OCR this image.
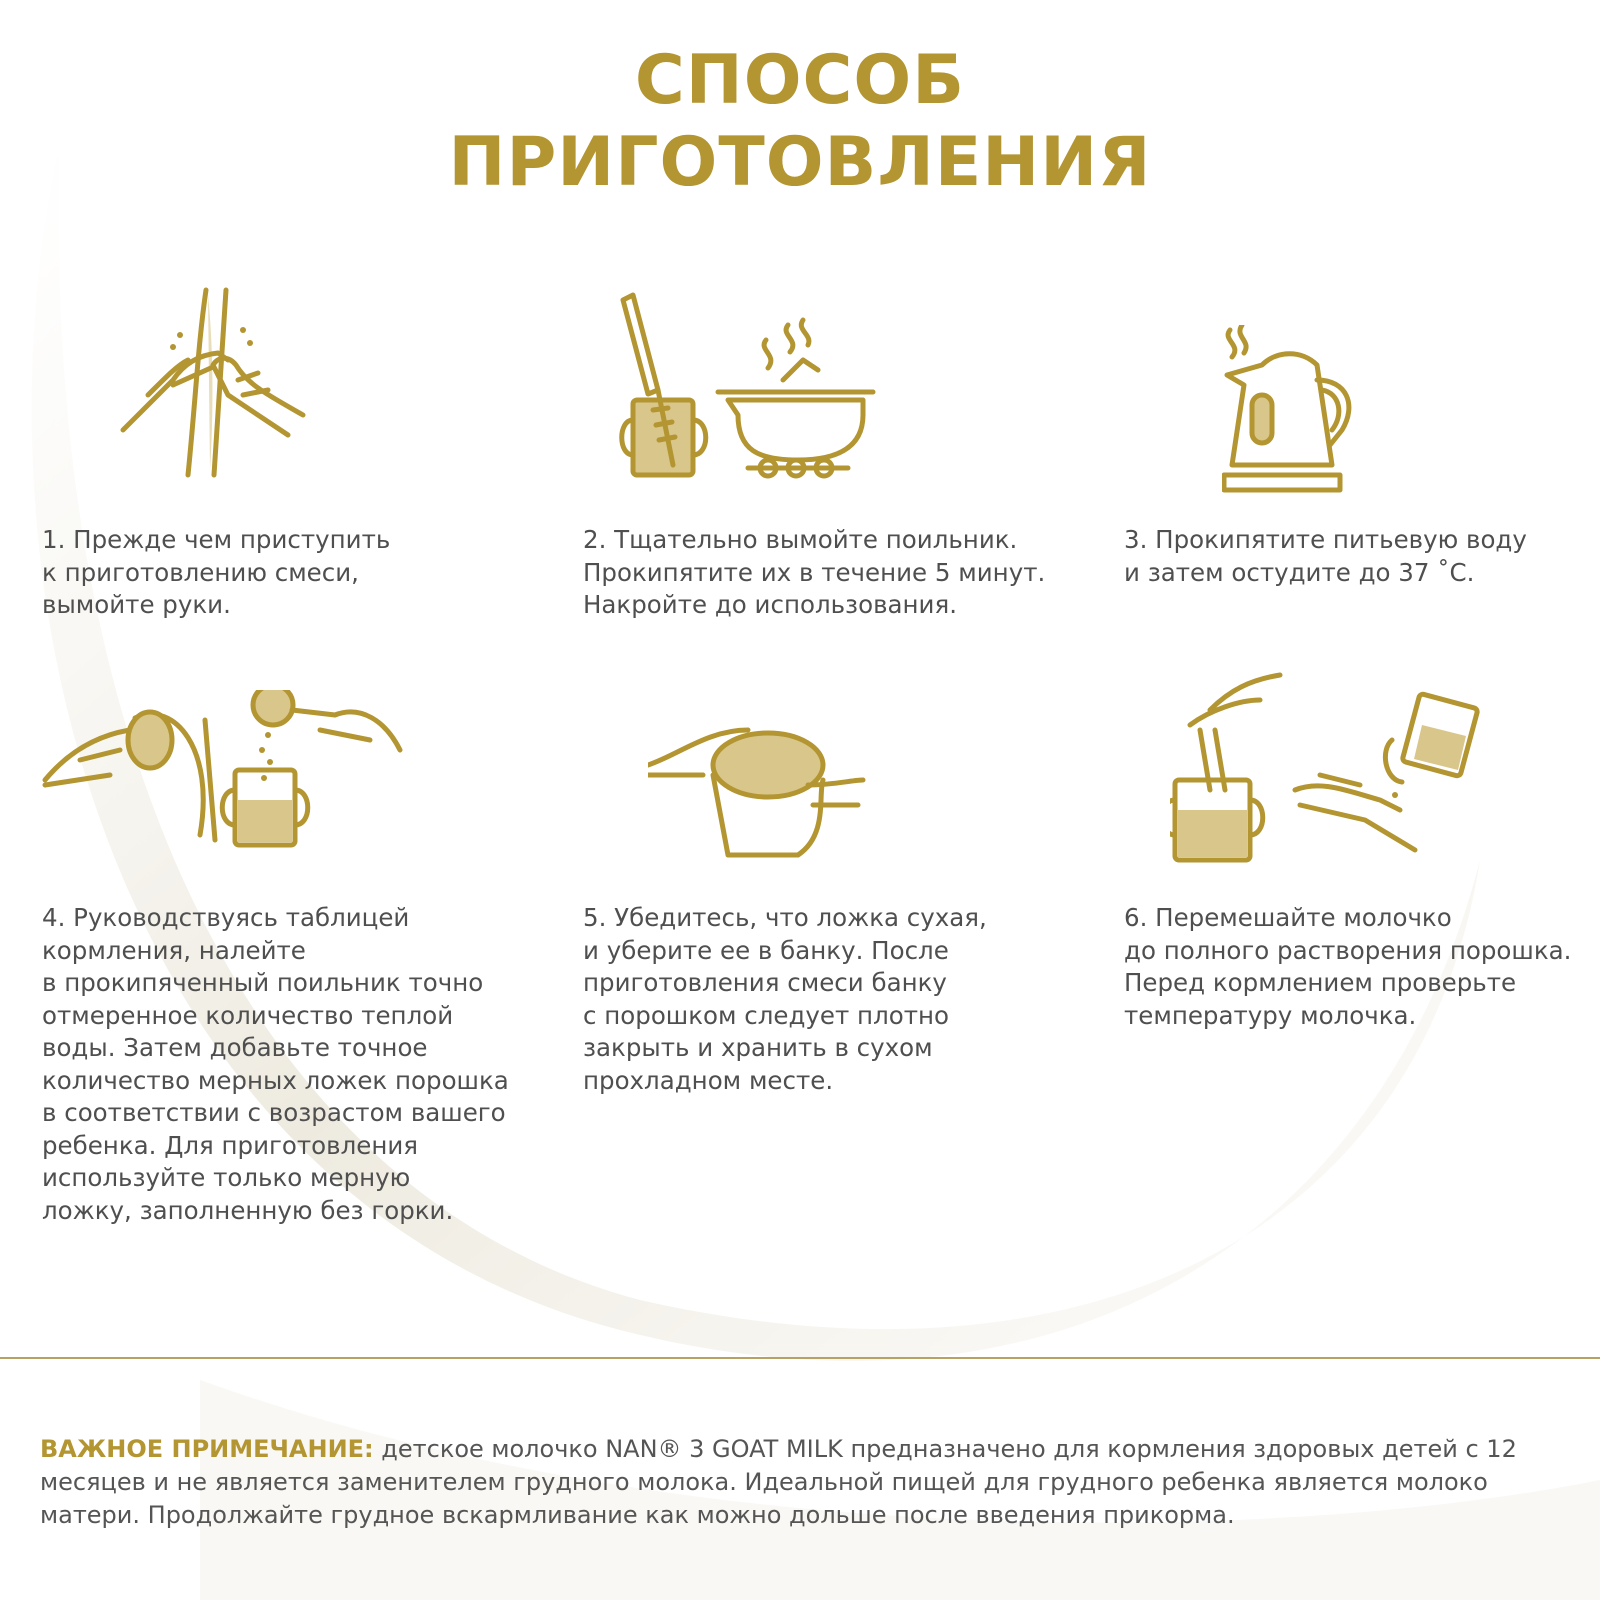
СПОСОБ
ПРИГОТОВЛЕНИЯ

1. Прежде чем приступить
к приготовлению смеси,
вымойте руки.

2. Тщательно вымойте поильник.
Прокипятите их в течение 5 минут.
Накройте до использования.

3. Прокипятите питьевую воду
и затем остудите до 37 ˚С.

4. Руководствуясь таблицей
кормления, налейте
в прокипяченный поильник точно
отмеренное количество теплой
воды. Затем добавьте точное
количество мерных ложек порошка
в соответствии с возрастом вашего
ребенка. Для приготовления
используйте только мерную
ложку, заполненную без горки.

5. Убедитесь, что ложка сухая,
и уберите ее в банку. После
приготовления смеси банку
с порошком следует плотно
закрыть и хранить в сухом
прохладном месте.

6. Перемешайте молочко
до полного растворения порошка.
Перед кормлением проверьте
температуру молочка.

ВАЖНОЕ ПРИМЕЧАНИЕ: детское молочко NAN® 3 GOAT MILK предназначено для кормления здоровых детей с 12 месяцев и не является заменителем грудного молока. Идеальной пищей для грудного ребенка является молоко матери. Продолжайте грудное вскармливание как можно дольше после введения прикорма.
